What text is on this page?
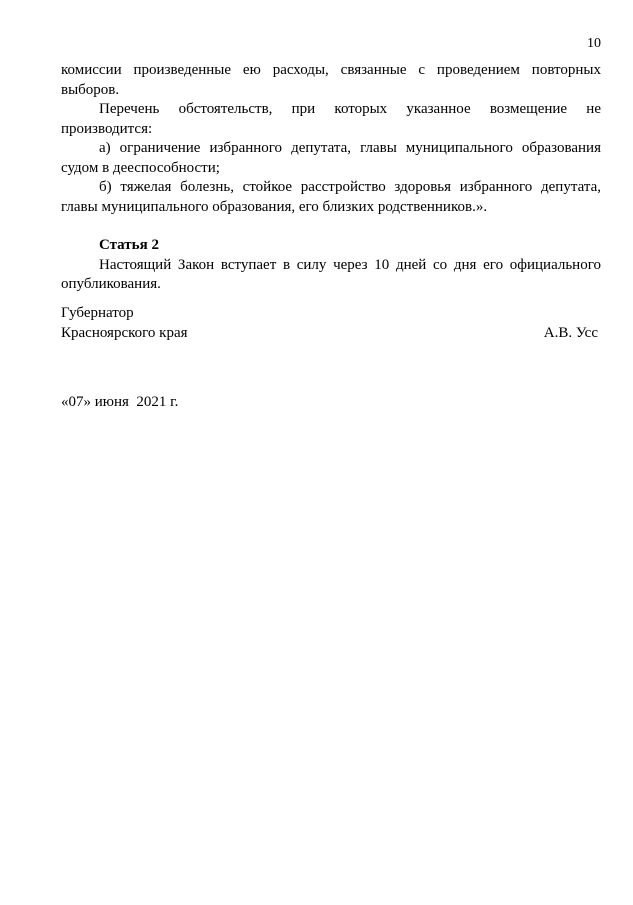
10

комиссии произведенные ею расходы, связанные с проведением повторных выборов.

Перечень обстоятельств, при которых указанное возмещение не производится:

а) ограничение избранного депутата, главы муниципального образования судом в дееспособности;

б) тяжелая болезнь, стойкое расстройство здоровья избранного депутата, главы муниципального образования, его близких родственников.».

Статья 2

Настоящий Закон вступает в силу через 10 дней со дня его официального опубликования.

Губернатор
Красноярского края	А.В. Усс
«07» июня  2021 г.
